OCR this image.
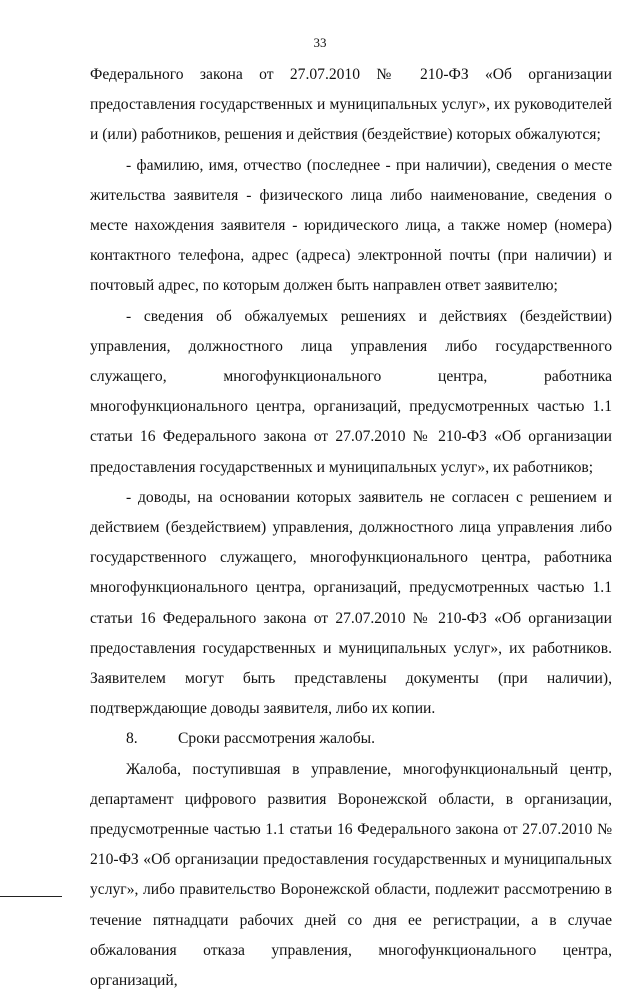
33

Федерального закона от 27.07.2010 № 210-ФЗ «Об организации предоставления государственных и муниципальных услуг», их руководителей и (или) работников, решения и действия (бездействие) которых обжалуются;

- фамилию, имя, отчество (последнее - при наличии), сведения о месте жительства заявителя - физического лица либо наименование, сведения о месте нахождения заявителя - юридического лица, а также номер (номера) контактного телефона, адрес (адреса) электронной почты (при наличии) и почтовый адрес, по которым должен быть направлен ответ заявителю;

- сведения об обжалуемых решениях и действиях (бездействии) управления, должностного лица управления либо государственного служащего, многофункционального центра, работника многофункционального центра, организаций, предусмотренных частью 1.1 статьи 16 Федерального закона от 27.07.2010 № 210-ФЗ «Об организации предоставления государственных и муниципальных услуг», их работников;

- доводы, на основании которых заявитель не согласен с решением и действием (бездействием) управления, должностного лица управления либо государственного служащего, многофункционального центра, работника многофункционального центра, организаций, предусмотренных частью 1.1 статьи 16 Федерального закона от 27.07.2010 № 210-ФЗ «Об организации предоставления государственных и муниципальных услуг», их работников. Заявителем могут быть представлены документы (при наличии), подтверждающие доводы заявителя, либо их копии.

8.	Сроки рассмотрения жалобы.

Жалоба, поступившая в управление, многофункциональный центр, департамент цифрового развития Воронежской области, в организации, предусмотренные частью 1.1 статьи 16 Федерального закона от 27.07.2010 № 210-ФЗ «Об организации предоставления государственных и муниципальных услуг», либо правительство Воронежской области, подлежит рассмотрению в течение пятнадцати рабочих дней со дня ее регистрации, а в случае обжалования отказа управления, многофункционального центра, организаций,
